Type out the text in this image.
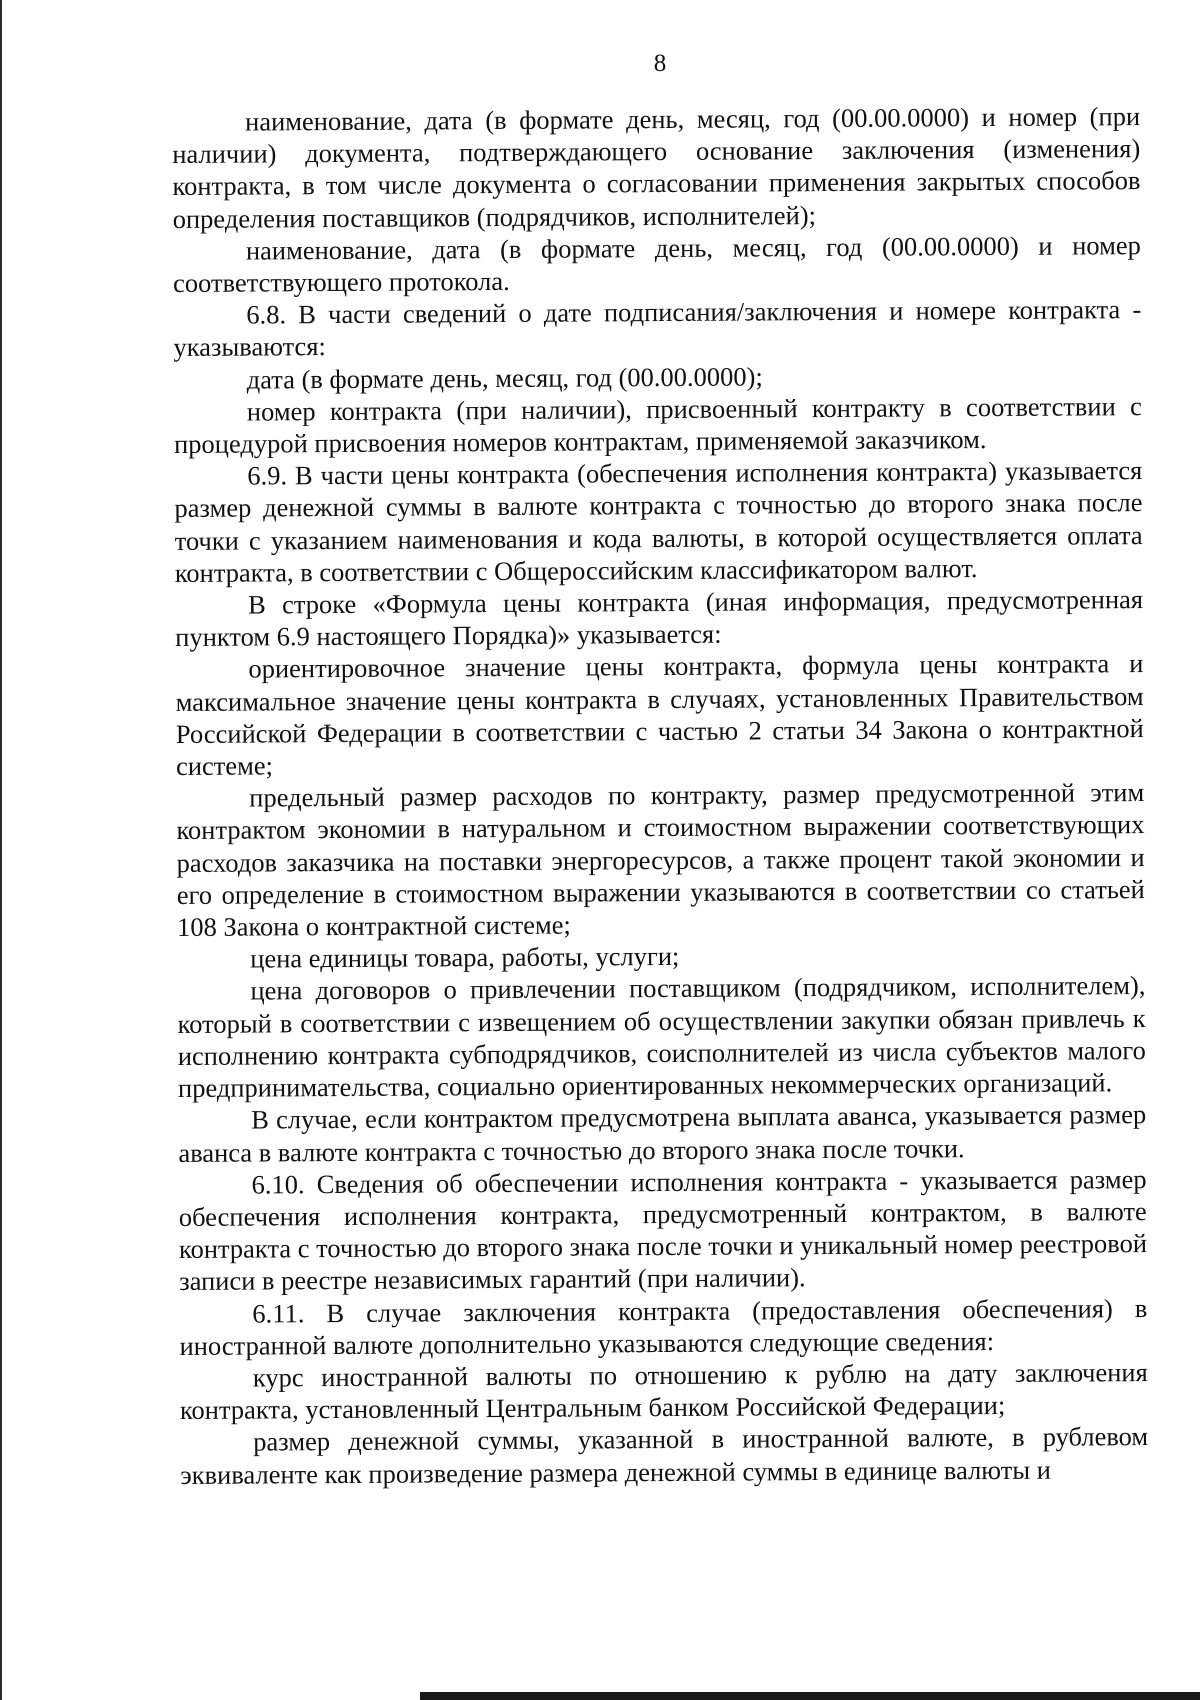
8

наименование, дата (в формате день, месяц, год (00.00.0000) и номер (при наличии) документа, подтверждающего основание заключения (изменения) контракта, в том числе документа о согласовании применения закрытых способов определения поставщиков (подрядчиков, исполнителей);

наименование, дата (в формате день, месяц, год (00.00.0000) и номер соответствующего протокола.

6.8. В части сведений о дате подписания/заключения и номере контракта - указываются:

дата (в формате день, месяц, год (00.00.0000);

номер контракта (при наличии), присвоенный контракту в соответствии с процедурой присвоения номеров контрактам, применяемой заказчиком.

6.9. В части цены контракта (обеспечения исполнения контракта) указывается размер денежной суммы в валюте контракта с точностью до второго знака после точки с указанием наименования и кода валюты, в которой осуществляется оплата контракта, в соответствии с Общероссийским классификатором валют.

В строке «Формула цены контракта (иная информация, предусмотренная пунктом 6.9 настоящего Порядка)» указывается:

ориентировочное значение цены контракта, формула цены контракта и максимальное значение цены контракта в случаях, установленных Правительством Российской Федерации в соответствии с частью 2 статьи 34 Закона о контрактной системе;

предельный размер расходов по контракту, размер предусмотренной этим контрактом экономии в натуральном и стоимостном выражении соответствующих расходов заказчика на поставки энергоресурсов, а также процент такой экономии и его определение в стоимостном выражении указываются в соответствии со статьей 108 Закона о контрактной системе;

цена единицы товара, работы, услуги;

цена договоров о привлечении поставщиком (подрядчиком, исполнителем), который в соответствии с извещением об осуществлении закупки обязан привлечь к исполнению контракта субподрядчиков, соисполнителей из числа субъектов малого предпринимательства, социально ориентированных некоммерческих организаций.

В случае, если контрактом предусмотрена выплата аванса, указывается размер аванса в валюте контракта с точностью до второго знака после точки.

6.10. Сведения об обеспечении исполнения контракта - указывается размер обеспечения исполнения контракта, предусмотренный контрактом, в валюте контракта с точностью до второго знака после точки и уникальный номер реестровой записи в реестре независимых гарантий (при наличии).

6.11. В случае заключения контракта (предоставления обеспечения) в иностранной валюте дополнительно указываются следующие сведения:

курс иностранной валюты по отношению к рублю на дату заключения контракта, установленный Центральным банком Российской Федерации;

размер денежной суммы, указанной в иностранной валюте, в рублевом эквиваленте как произведение размера денежной суммы в единице валюты и
